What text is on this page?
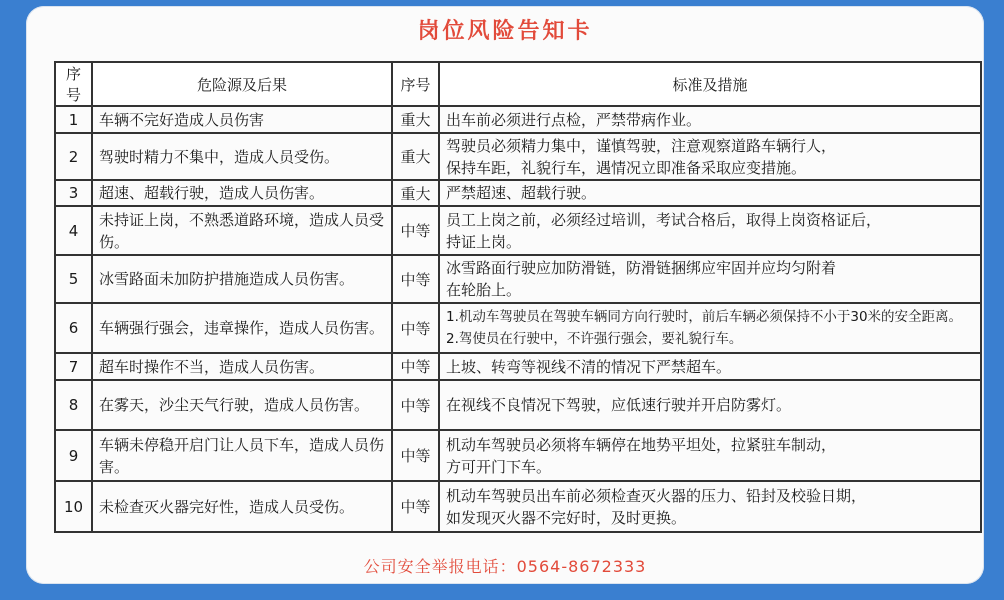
岗位风险告知卡
序号	危险源及后果	序号	标准及措施
1	车辆不完好造成人员伤害	重大	出车前必须进行点检，严禁带病作业。

2	驾驶时精力不集中，造成人员受伤。	重大	驾驶员必须精力集中，谨慎驾驶，注意观察道路车辆行人，
保持车距，礼貌行车，遇情况立即准备采取应变措施。

3	超速、超载行驶，造成人员伤害。	重大	严禁超速、超载行驶。

4	未持证上岗，不熟悉道路环境，造成人员受伤。	中等	员工上岗之前，必须经过培训，考试合格后，取得上岗资格证后，
持证上岗。

5	冰雪路面未加防护措施造成人员伤害。	中等	冰雪路面行驶应加防滑链，防滑链捆绑应牢固并应均匀附着
在轮胎上。

6	车辆强行强会，违章操作，造成人员伤害。	中等	1.机动车驾驶员在驾驶车辆同方向行驶时，前后车辆必须保持不小于30米的安全距离。
2.驾使员在行驶中，不许强行强会，要礼貌行车。

7	超车时操作不当，造成人员伤害。	中等	上坡、转弯等视线不清的情况下严禁超车。

8	在雾天，沙尘天气行驶，造成人员伤害。	中等	在视线不良情况下驾驶，应低速行驶并开启防雾灯。

9	车辆未停稳开启门让人员下车，造成人员伤害。	中等	机动车驾驶员必须将车辆停在地势平坦处，拉紧驻车制动，
方可开门下车。

10	未检查灭火器完好性，造成人员受伤。	中等	机动车驾驶员出车前必须检查灭火器的压力、铅封及校验日期，
如发现灭火器不完好时，及时更换。
公司安全举报电话：0564-8672333
